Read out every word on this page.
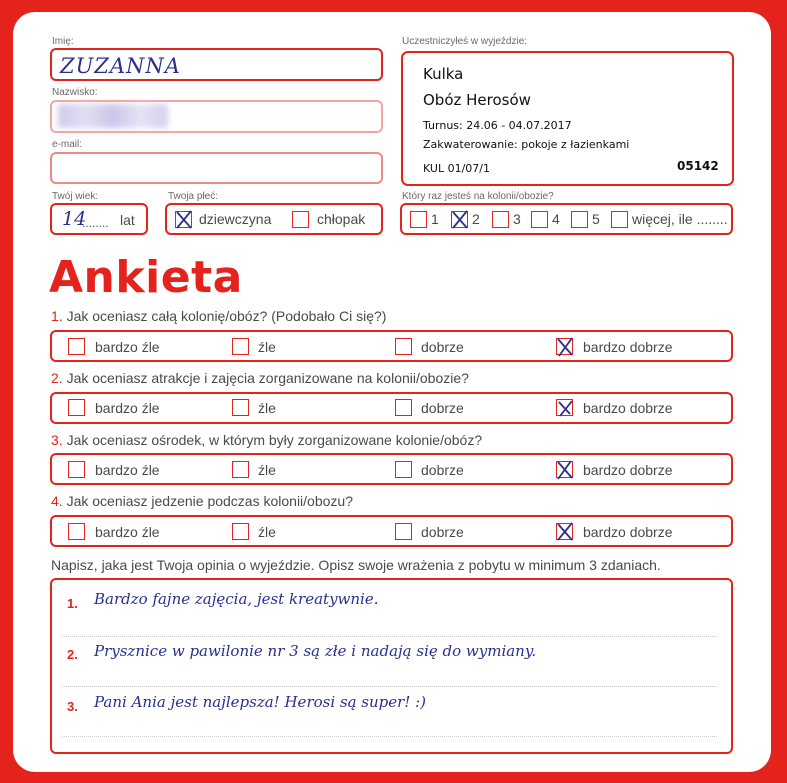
Imię:
ZUZANNA
Nazwisko:
e-mail:
Twój wiek:
14
........ lat
Twoja płeć:
dziewczyna	chłopak
Uczestniczyłeś w wyjeździe:
Kulka
Obóz Herosów
Turnus: 24.06 - 04.07.2017
Zakwaterowanie: pokoje z łazienkami
KUL 01/07/1	05142
Który raz jesteś na kolonii/obozie?
1 2 3 4 5 więcej, ile ........
Ankieta
1. Jak oceniasz całą kolonię/obóz? (Podobało Ci się?)
bardzo źle	źle	dobrze	bardzo dobrze
2. Jak oceniasz atrakcje i zajęcia zorganizowane na kolonii/obozie?
bardzo źle	źle	dobrze	bardzo dobrze
3. Jak oceniasz ośrodek, w którym były zorganizowane kolonie/obóz?
bardzo źle	źle	dobrze	bardzo dobrze
4. Jak oceniasz jedzenie podczas kolonii/obozu?
bardzo źle	źle	dobrze	bardzo dobrze
Napisz, jaka jest Twoja opinia o wyjeździe. Opisz swoje wrażenia z pobytu w minimum 3 zdaniach.
1. Bardzo fajne zajęcia, jest kreatywnie.
2. Prysznice w pawilonie nr 3 są złe i nadają się do wymiany.
3. Pani Ania jest najlepsza! Herosi są super! :)
